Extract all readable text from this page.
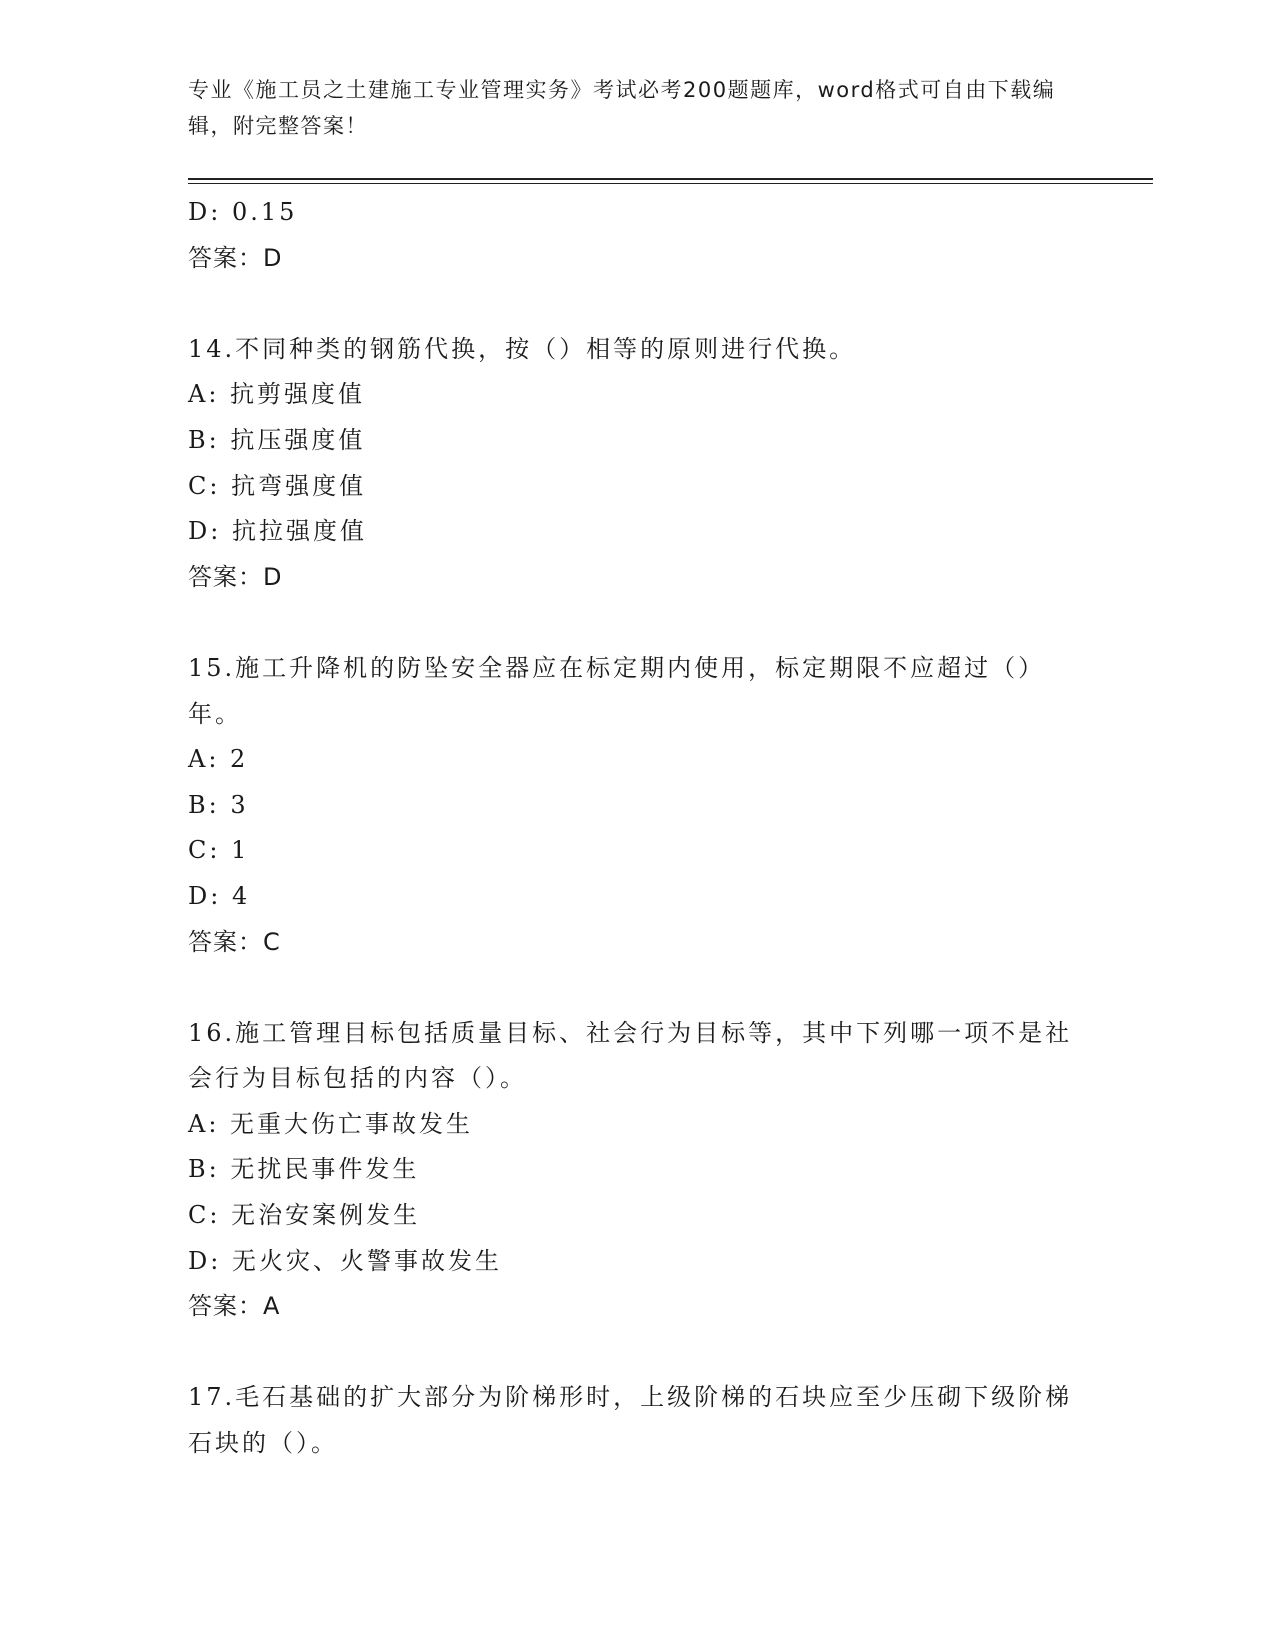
专业《施工员之土建施工专业管理实务》考试必考200题题库，word格式可自由下载编辑，附完整答案！
D: 0.15
答案：D
14.不同种类的钢筋代换，按（）相等的原则进行代换。
A: 抗剪强度值
B: 抗压强度值
C: 抗弯强度值
D: 抗拉强度值
答案：D
15.施工升降机的防坠安全器应在标定期内使用，标定期限不应超过（）年。
A: 2
B: 3
C: 1
D: 4
答案：C
16.施工管理目标包括质量目标、社会行为目标等，其中下列哪一项不是社会行为目标包括的内容（）。
A: 无重大伤亡事故发生
B: 无扰民事件发生
C: 无治安案例发生
D: 无火灾、火警事故发生
答案：A
17.毛石基础的扩大部分为阶梯形时，上级阶梯的石块应至少压砌下级阶梯石块的（）。
